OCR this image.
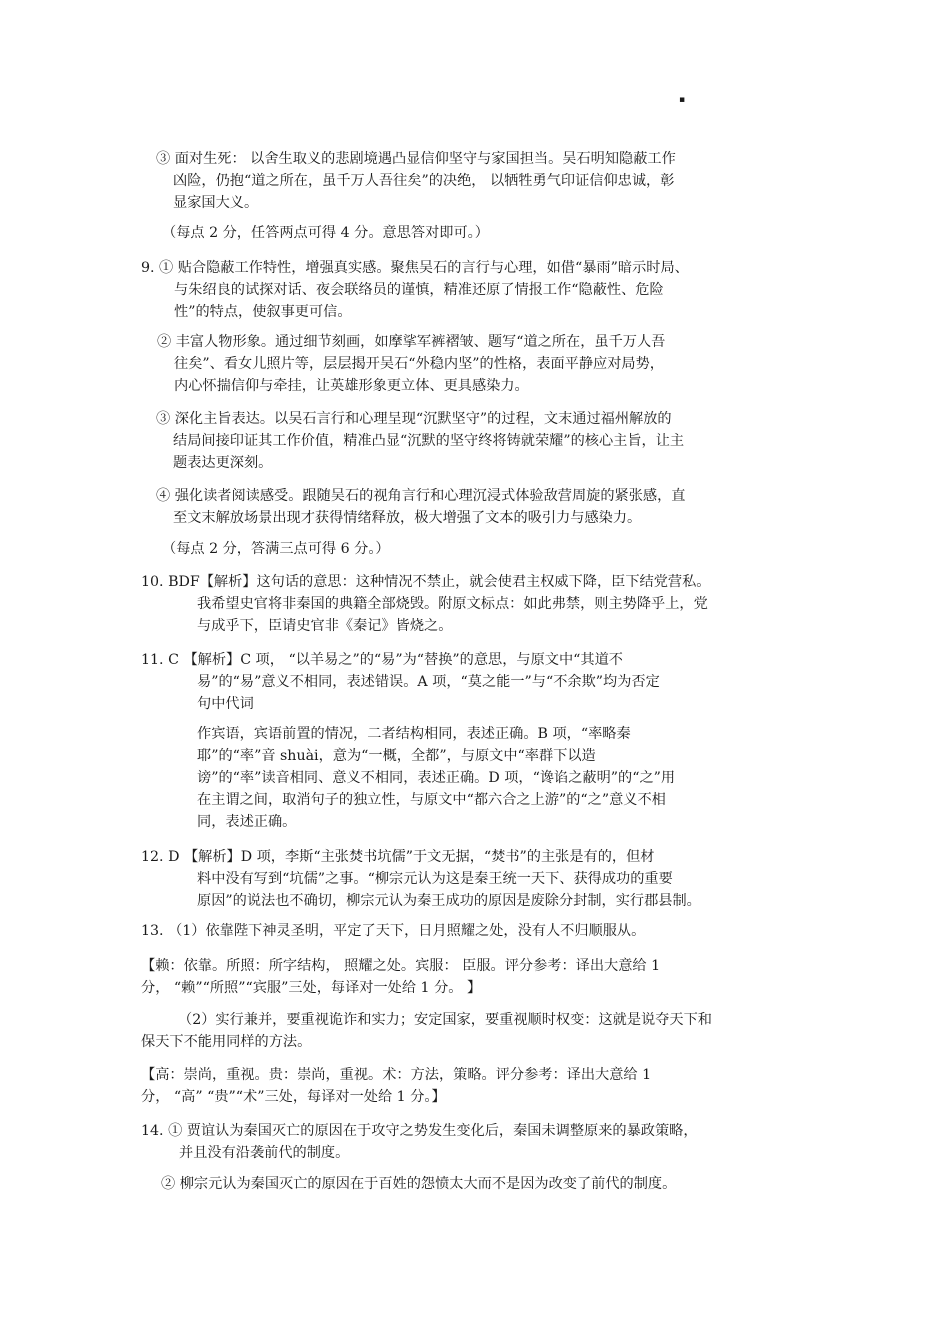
▪
③ 面对生死： 以舍生取义的悲剧境遇凸显信仰坚守与家国担当。吴石明知隐蔽工作
凶险，仍抱“道之所在，虽千万人吾往矣”的决绝， 以牺牲勇气印证信仰忠诚，彰
显家国大义。
（每点 2 分，任答两点可得 4 分。意思答对即可。）
9. ① 贴合隐蔽工作特性，增强真实感。聚焦吴石的言行与心理，如借“暴雨”暗示时局、
与朱绍良的试探对话、夜会联络员的谨慎，精准还原了情报工作“隐蔽性、危险
性”的特点，使叙事更可信。
② 丰富人物形象。通过细节刻画，如摩挲军裤褶皱、题写“道之所在，虽千万人吾
往矣”、看女儿照片等，层层揭开吴石“外稳内坚”的性格，表面平静应对局势，
内心怀揣信仰与牵挂，让英雄形象更立体、更具感染力。
③ 深化主旨表达。以吴石言行和心理呈现“沉默坚守”的过程，文末通过福州解放的
结局间接印证其工作价值，精准凸显“沉默的坚守终将铸就荣耀”的核心主旨，让主
题表达更深刻。
④ 强化读者阅读感受。跟随吴石的视角言行和心理沉浸式体验敌营周旋的紧张感，直
至文末解放场景出现才获得情绪释放，极大增强了文本的吸引力与感染力。
（每点 2 分，答满三点可得 6 分。）
10. BDF【解析】这句话的意思：这种情况不禁止，就会使君主权威下降，臣下结党营私。
我希望史官将非秦国的典籍全部烧毁。附原文标点：如此弗禁，则主势降乎上，党
与成乎下，臣请史官非《秦记》皆烧之。
11. C 【解析】C 项， “以羊易之”的“易”为“替换”的意思，与原文中“其道不
易”的“易”意义不相同，表述错误。A 项，“莫之能一”与“不余欺”均为否定
句中代词
作宾语，宾语前置的情况，二者结构相同，表述正确。B 项，“率略秦
耶”的“率”音 shuài，意为“一概，全都”，与原文中“率群下以造
谤”的“率”读音相同、意义不相同，表述正确。D 项，“谗谄之蔽明”的“之”用
在主谓之间，取消句子的独立性，与原文中“都六合之上游”的“之”意义不相
同，表述正确。
12. D 【解析】D 项，李斯“主张焚书坑儒”于文无据，“焚书”的主张是有的，但材
料中没有写到“坑儒”之事。“柳宗元认为这是秦王统一天下、获得成功的重要
原因”的说法也不确切，柳宗元认为秦王成功的原因是废除分封制，实行郡县制。
13. （1）依靠陛下神灵圣明，平定了天下，日月照耀之处，没有人不归顺服从。
【赖：依靠。所照：所字结构， 照耀之处。宾服： 臣服。评分参考：译出大意给 1
分， “赖”“所照”“宾服”三处，每译对一处给 1 分。 】
（2）实行兼并，要重视诡诈和实力；安定国家，要重视顺时权变：这就是说夺天下和
保天下不能用同样的方法。
【高：崇尚，重视。贵：崇尚，重视。术：方法，策略。评分参考：译出大意给 1
分， “高” “贵”“术”三处，每译对一处给 1 分。】
14. ① 贾谊认为秦国灭亡的原因在于攻守之势发生变化后，秦国未调整原来的暴政策略，
并且没有沿袭前代的制度。
② 柳宗元认为秦国灭亡的原因在于百姓的怨愤太大而不是因为改变了前代的制度。
